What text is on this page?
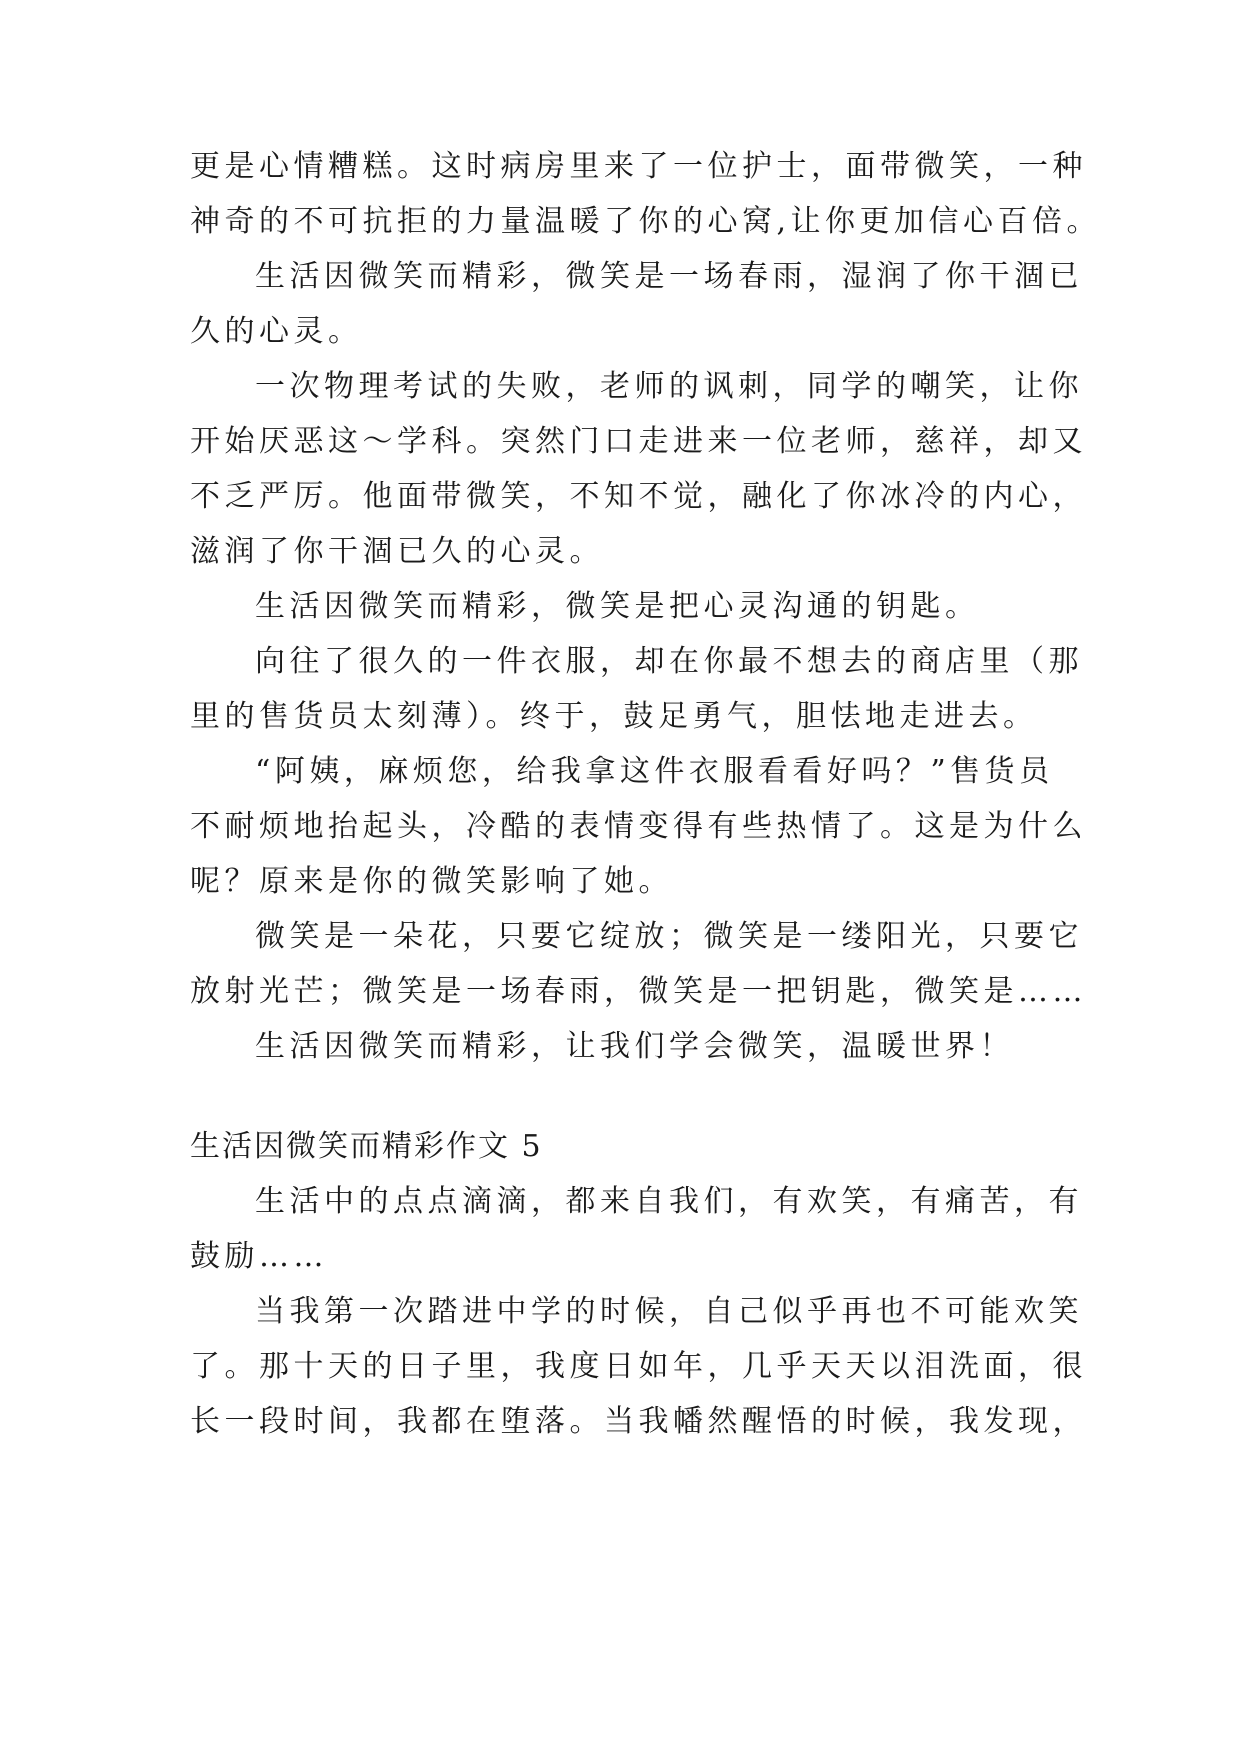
更是心情糟糕。这时病房里来了一位护士，面带微笑，一种
神奇的不可抗拒的力量温暖了你的心窝,让你更加信心百倍。
生活因微笑而精彩，微笑是一场春雨，湿润了你干涸已
久的心灵。
一次物理考试的失败，老师的讽刺，同学的嘲笑，让你
开始厌恶这～学科。突然门口走进来一位老师，慈祥，却又
不乏严厉。他面带微笑，不知不觉，融化了你冰冷的内心，
滋润了你干涸已久的心灵。
生活因微笑而精彩，微笑是把心灵沟通的钥匙。
向往了很久的一件衣服，却在你最不想去的商店里（那
里的售货员太刻薄）。终于，鼓足勇气，胆怯地走进去。
“阿姨，麻烦您，给我拿这件衣服看看好吗？”售货员
不耐烦地抬起头，冷酷的表情变得有些热情了。这是为什么
呢？原来是你的微笑影响了她。
微笑是一朵花，只要它绽放；微笑是一缕阳光，只要它
放射光芒；微笑是一场春雨，微笑是一把钥匙，微笑是……
生活因微笑而精彩，让我们学会微笑，温暖世界！
生活因微笑而精彩作文 5
生活中的点点滴滴，都来自我们，有欢笑，有痛苦，有
鼓励……
当我第一次踏进中学的时候，自己似乎再也不可能欢笑
了。那十天的日子里，我度日如年，几乎天天以泪洗面，很
长一段时间，我都在堕落。当我幡然醒悟的时候，我发现，
